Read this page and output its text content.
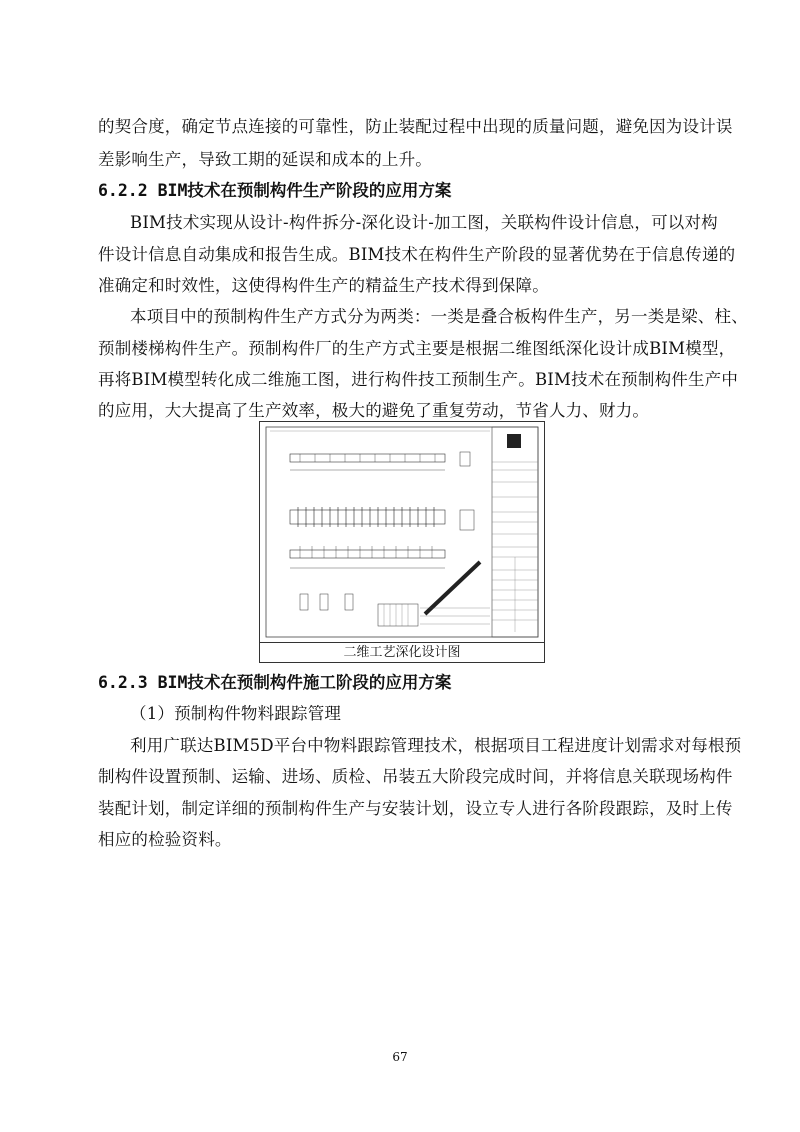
的契合度，确定节点连接的可靠性，防止装配过程中出现的质量问题，避免因为设计误
差影响生产，导致工期的延误和成本的上升。
6.2.2 BIM技术在预制构件生产阶段的应用方案
BIM技术实现从设计-构件拆分-深化设计-加工图，关联构件设计信息，可以对构
件设计信息自动集成和报告生成。BIM技术在构件生产阶段的显著优势在于信息传递的
准确定和时效性，这使得构件生产的精益生产技术得到保障。
本项目中的预制构件生产方式分为两类：一类是叠合板构件生产，另一类是梁、柱、
预制楼梯构件生产。预制构件厂的生产方式主要是根据二维图纸深化设计成BIM模型，
再将BIM模型转化成二维施工图，进行构件技工预制生产。BIM技术在预制构件生产中
的应用，大大提高了生产效率，极大的避免了重复劳动，节省人力、财力。
二维工艺深化设计图
6.2.3 BIM技术在预制构件施工阶段的应用方案
（1）预制构件物料跟踪管理
利用广联达BIM5D平台中物料跟踪管理技术，根据项目工程进度计划需求对每根预
制构件设置预制、运输、进场、质检、吊装五大阶段完成时间，并将信息关联现场构件
装配计划，制定详细的预制构件生产与安装计划，设立专人进行各阶段跟踪，及时上传
相应的检验资料。
67
